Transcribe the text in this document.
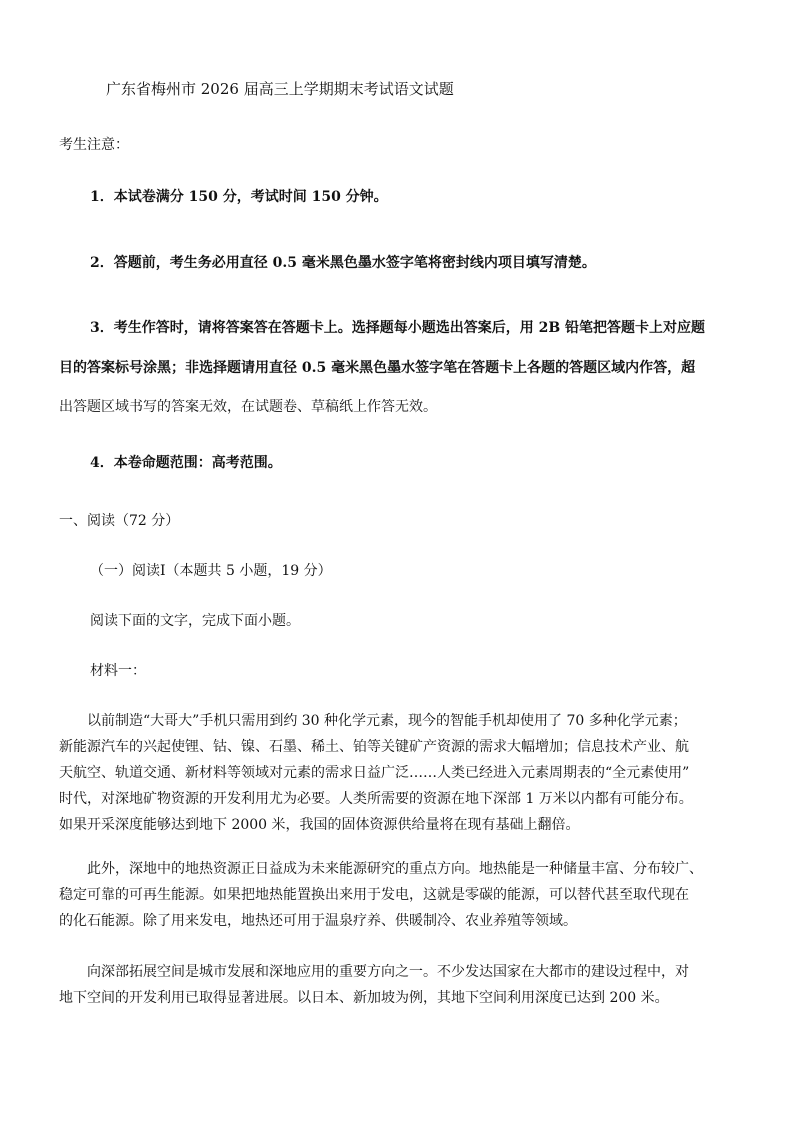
广东省梅州市 2026 届高三上学期期末考试语文试题
考生注意：
1．本试卷满分 150 分，考试时间 150 分钟。
2．答题前，考生务必用直径 0.5 毫米黑色墨水签字笔将密封线内项目填写清楚。
3．考生作答时，请将答案答在答题卡上。选择题每小题选出答案后，用 2B 铅笔把答题卡上对应题
目的答案标号涂黑；非选择题请用直径 0.5 毫米黑色墨水签字笔在答题卡上各题的答题区域内作答，超
出答题区域书写的答案无效，在试题卷、草稿纸上作答无效。
4．本卷命题范围：高考范围。
一、阅读（72 分）
（一）阅读Ⅰ（本题共 5 小题，19 分）
阅读下面的文字，完成下面小题。
材料一：
以前制造“大哥大”手机只需用到约 30 种化学元素，现今的智能手机却使用了 70 多种化学元素；
新能源汽车的兴起使锂、钴、镍、石墨、稀土、铂等关键矿产资源的需求大幅增加；信息技术产业、航
天航空、轨道交通、新材料等领域对元素的需求日益广泛……人类已经进入元素周期表的“全元素使用”
时代，对深地矿物资源的开发利用尤为必要。人类所需要的资源在地下深部 1 万米以内都有可能分布。
如果开采深度能够达到地下 2000 米，我国的固体资源供给量将在现有基础上翻倍。
此外，深地中的地热资源正日益成为未来能源研究的重点方向。地热能是一种储量丰富、分布较广、
稳定可靠的可再生能源。如果把地热能置换出来用于发电，这就是零碳的能源，可以替代甚至取代现在
的化石能源。除了用来发电，地热还可用于温泉疗养、供暖制冷、农业养殖等领域。
向深部拓展空间是城市发展和深地应用的重要方向之一。不少发达国家在大都市的建设过程中，对
地下空间的开发利用已取得显著进展。以日本、新加坡为例，其地下空间利用深度已达到 200 米。
